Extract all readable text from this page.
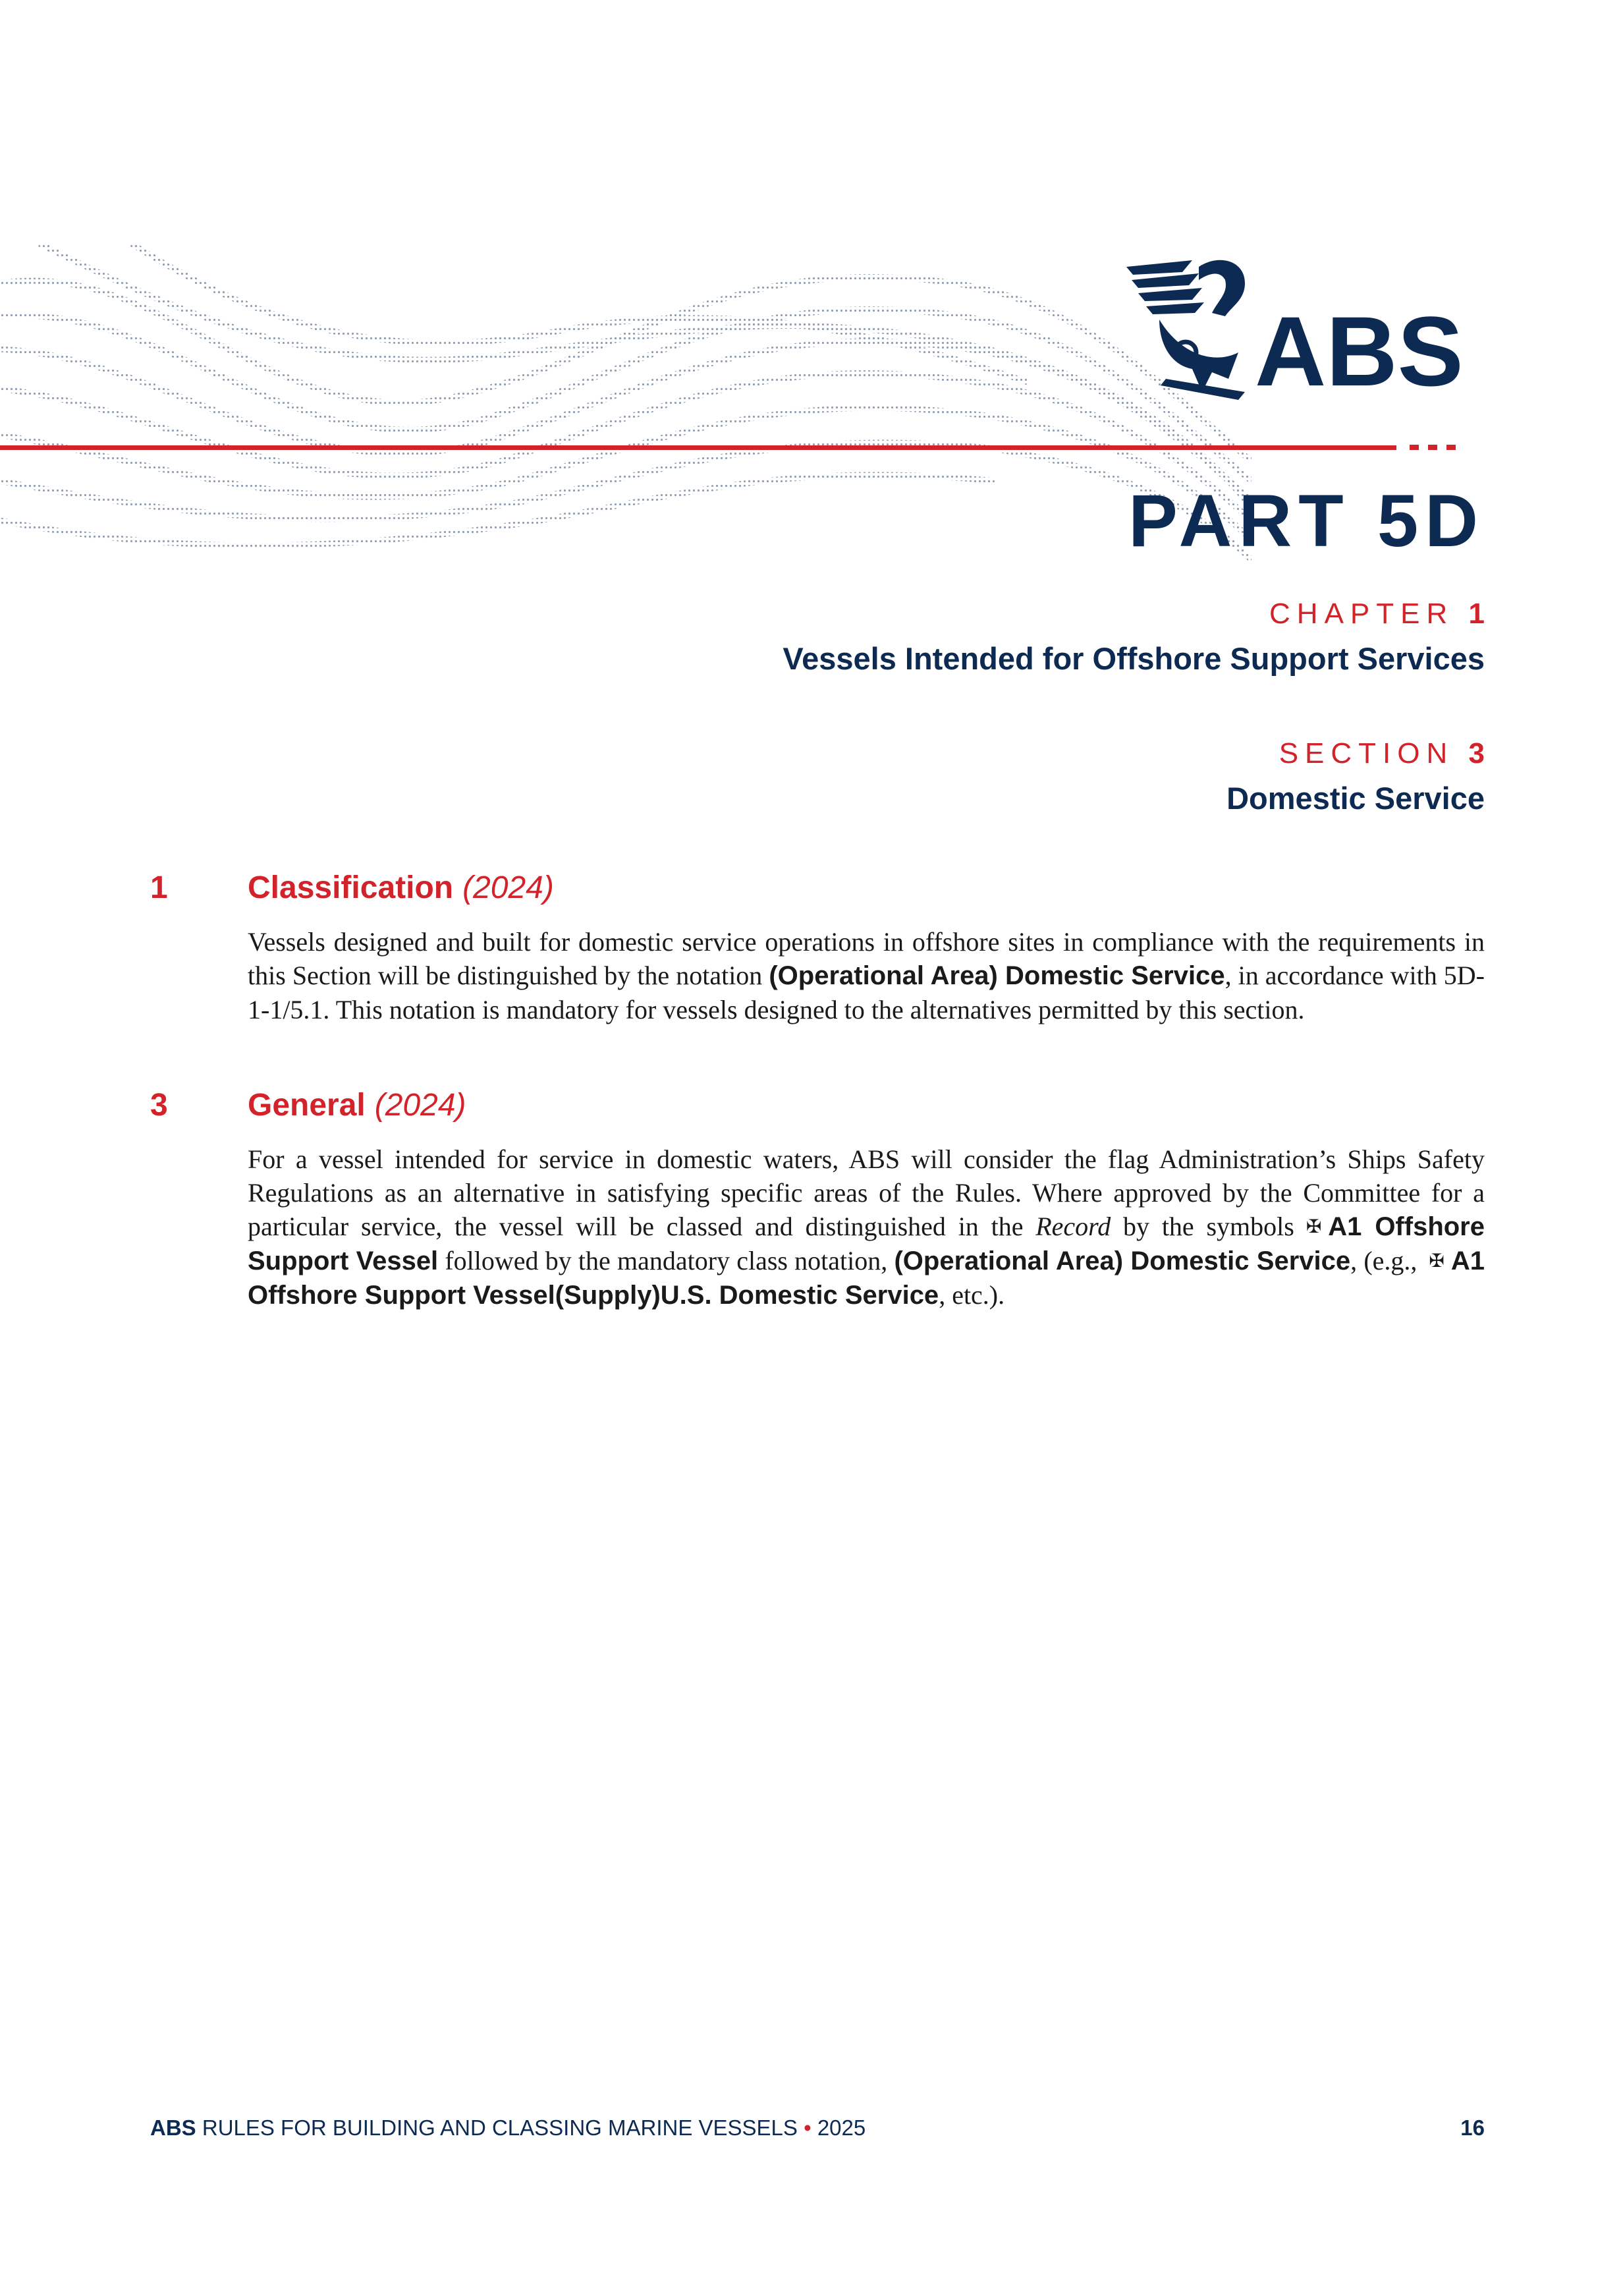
ABS
PART 5D
CHAPTER 1
Vessels Intended for Offshore Support Services
SECTION 3
Domestic Service
1	Classification (2024)
Vessels designed and built for domestic service operations in offshore sites in compliance with the requirements in this Section will be distinguished by the notation (Operational Area) Domestic Service, in accordance with 5D-1-1/5.1. This notation is mandatory for vessels designed to the alternatives permitted by this section.
3	General (2024)
For a vessel intended for service in domestic waters, ABS will consider the flag Administration’s Ships Safety Regulations as an alternative in satisfying specific areas of the Rules. Where approved by the Committee for a particular service, the vessel will be classed and distinguished in the Record by the symbols ✠ A1 Offshore Support Vessel followed by the mandatory class notation, (Operational Area) Domestic Service, (e.g., ✠ A1 Offshore Support Vessel(Supply)U.S. Domestic Service, etc.).
ABS RULES FOR BUILDING AND CLASSING MARINE VESSELS • 2025	16
